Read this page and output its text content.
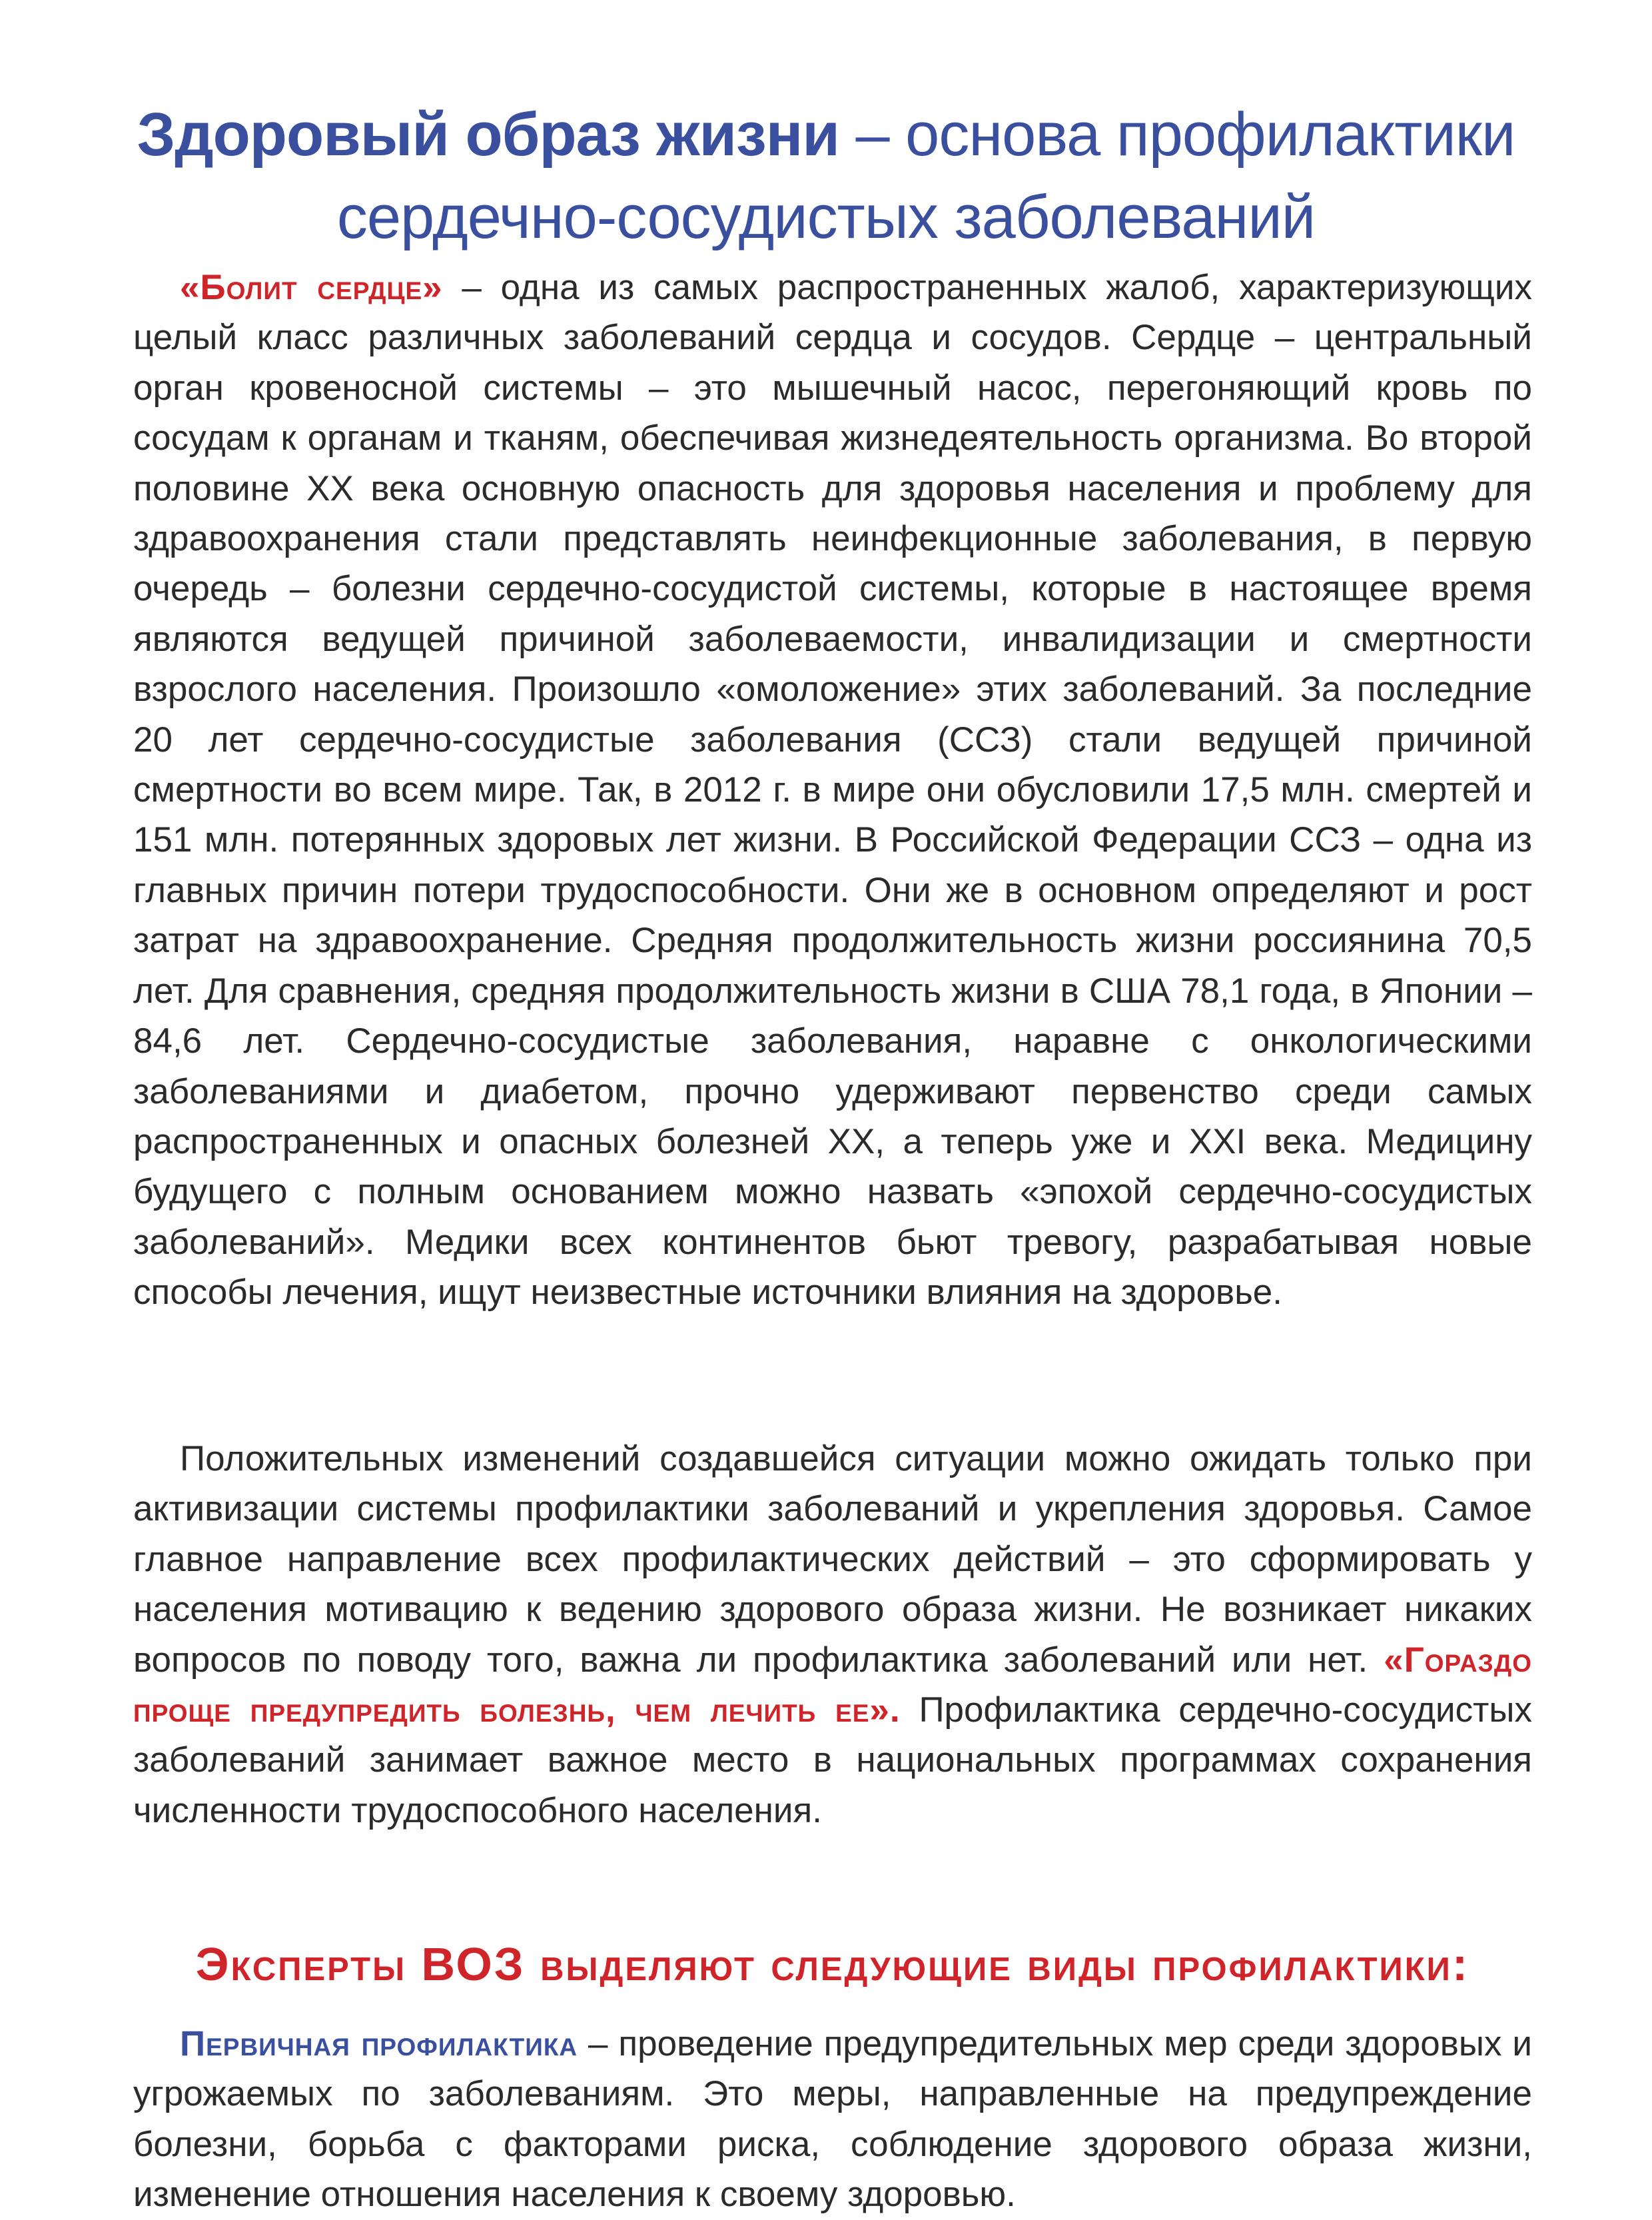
Здоровый образ жизни – основа профилактики сердечно-сосудистых заболеваний

«Болит сердце» – одна из самых распространенных жалоб, характеризующих целый класс различных заболеваний сердца и сосудов. Сердце – центральный орган кровеносной системы – это мышечный насос, перегоняющий кровь по сосудам к органам и тканям, обеспечивая жизнедеятельность организма. Во второй половине XX века основную опасность для здоровья населения и проблему для здравоохранения стали представлять неинфекционные заболевания, в первую очередь – болезни сердечно-сосудистой системы, которые в настоящее время являются ведущей причиной заболеваемости, инвалидизации и смертности взрослого населения. Произошло «омоложение» этих заболеваний. За последние 20 лет сердечно-сосудистые заболевания (ССЗ) стали ведущей причиной смертности во всем мире. Так, в 2012 г. в мире они обусловили 17,5 млн. смертей и 151 млн. потерянных здоровых лет жизни. В Российской Федерации ССЗ – одна из главных причин потери трудоспособности. Они же в основном определяют и рост затрат на здравоохранение. Средняя продолжительность жизни россиянина 70,5 лет. Для сравнения, средняя продолжительность жизни в США 78,1 года, в Японии – 84,6 лет. Сердечно-сосудистые заболевания, наравне с онкологическими заболеваниями и диабетом, прочно удерживают первенство среди самых распространенных и опасных болезней XX, а теперь уже и XXI века. Медицину будущего с полным основанием можно назвать «эпохой сердечно-сосудистых заболеваний». Медики всех континентов бьют тревогу, разрабатывая новые способы лечения, ищут неизвестные источники влияния на здоровье.

Положительных изменений создавшейся ситуации можно ожидать только при активизации системы профилактики заболеваний и укрепления здоровья. Самое главное направление всех профилактических действий – это сформировать у населения мотивацию к ведению здорового образа жизни. Не возникает никаких вопросов по поводу того, важна ли профилактика заболеваний или нет. «Гораздо проще предупредить болезнь, чем лечить ее». Профилактика сердечно-сосудистых заболеваний занимает важное место в национальных программах сохранения численности трудоспособного населения.

Эксперты ВОЗ выделяют следующие виды профилактики:

Первичная профилактика – проведение предупредительных мер среди здоровых и угрожаемых по заболеваниям. Это меры, направленные на предупреждение болезни, борьба с факторами риска, соблюдение здорового образа жизни, изменение отношения населения к своему здоровью.
